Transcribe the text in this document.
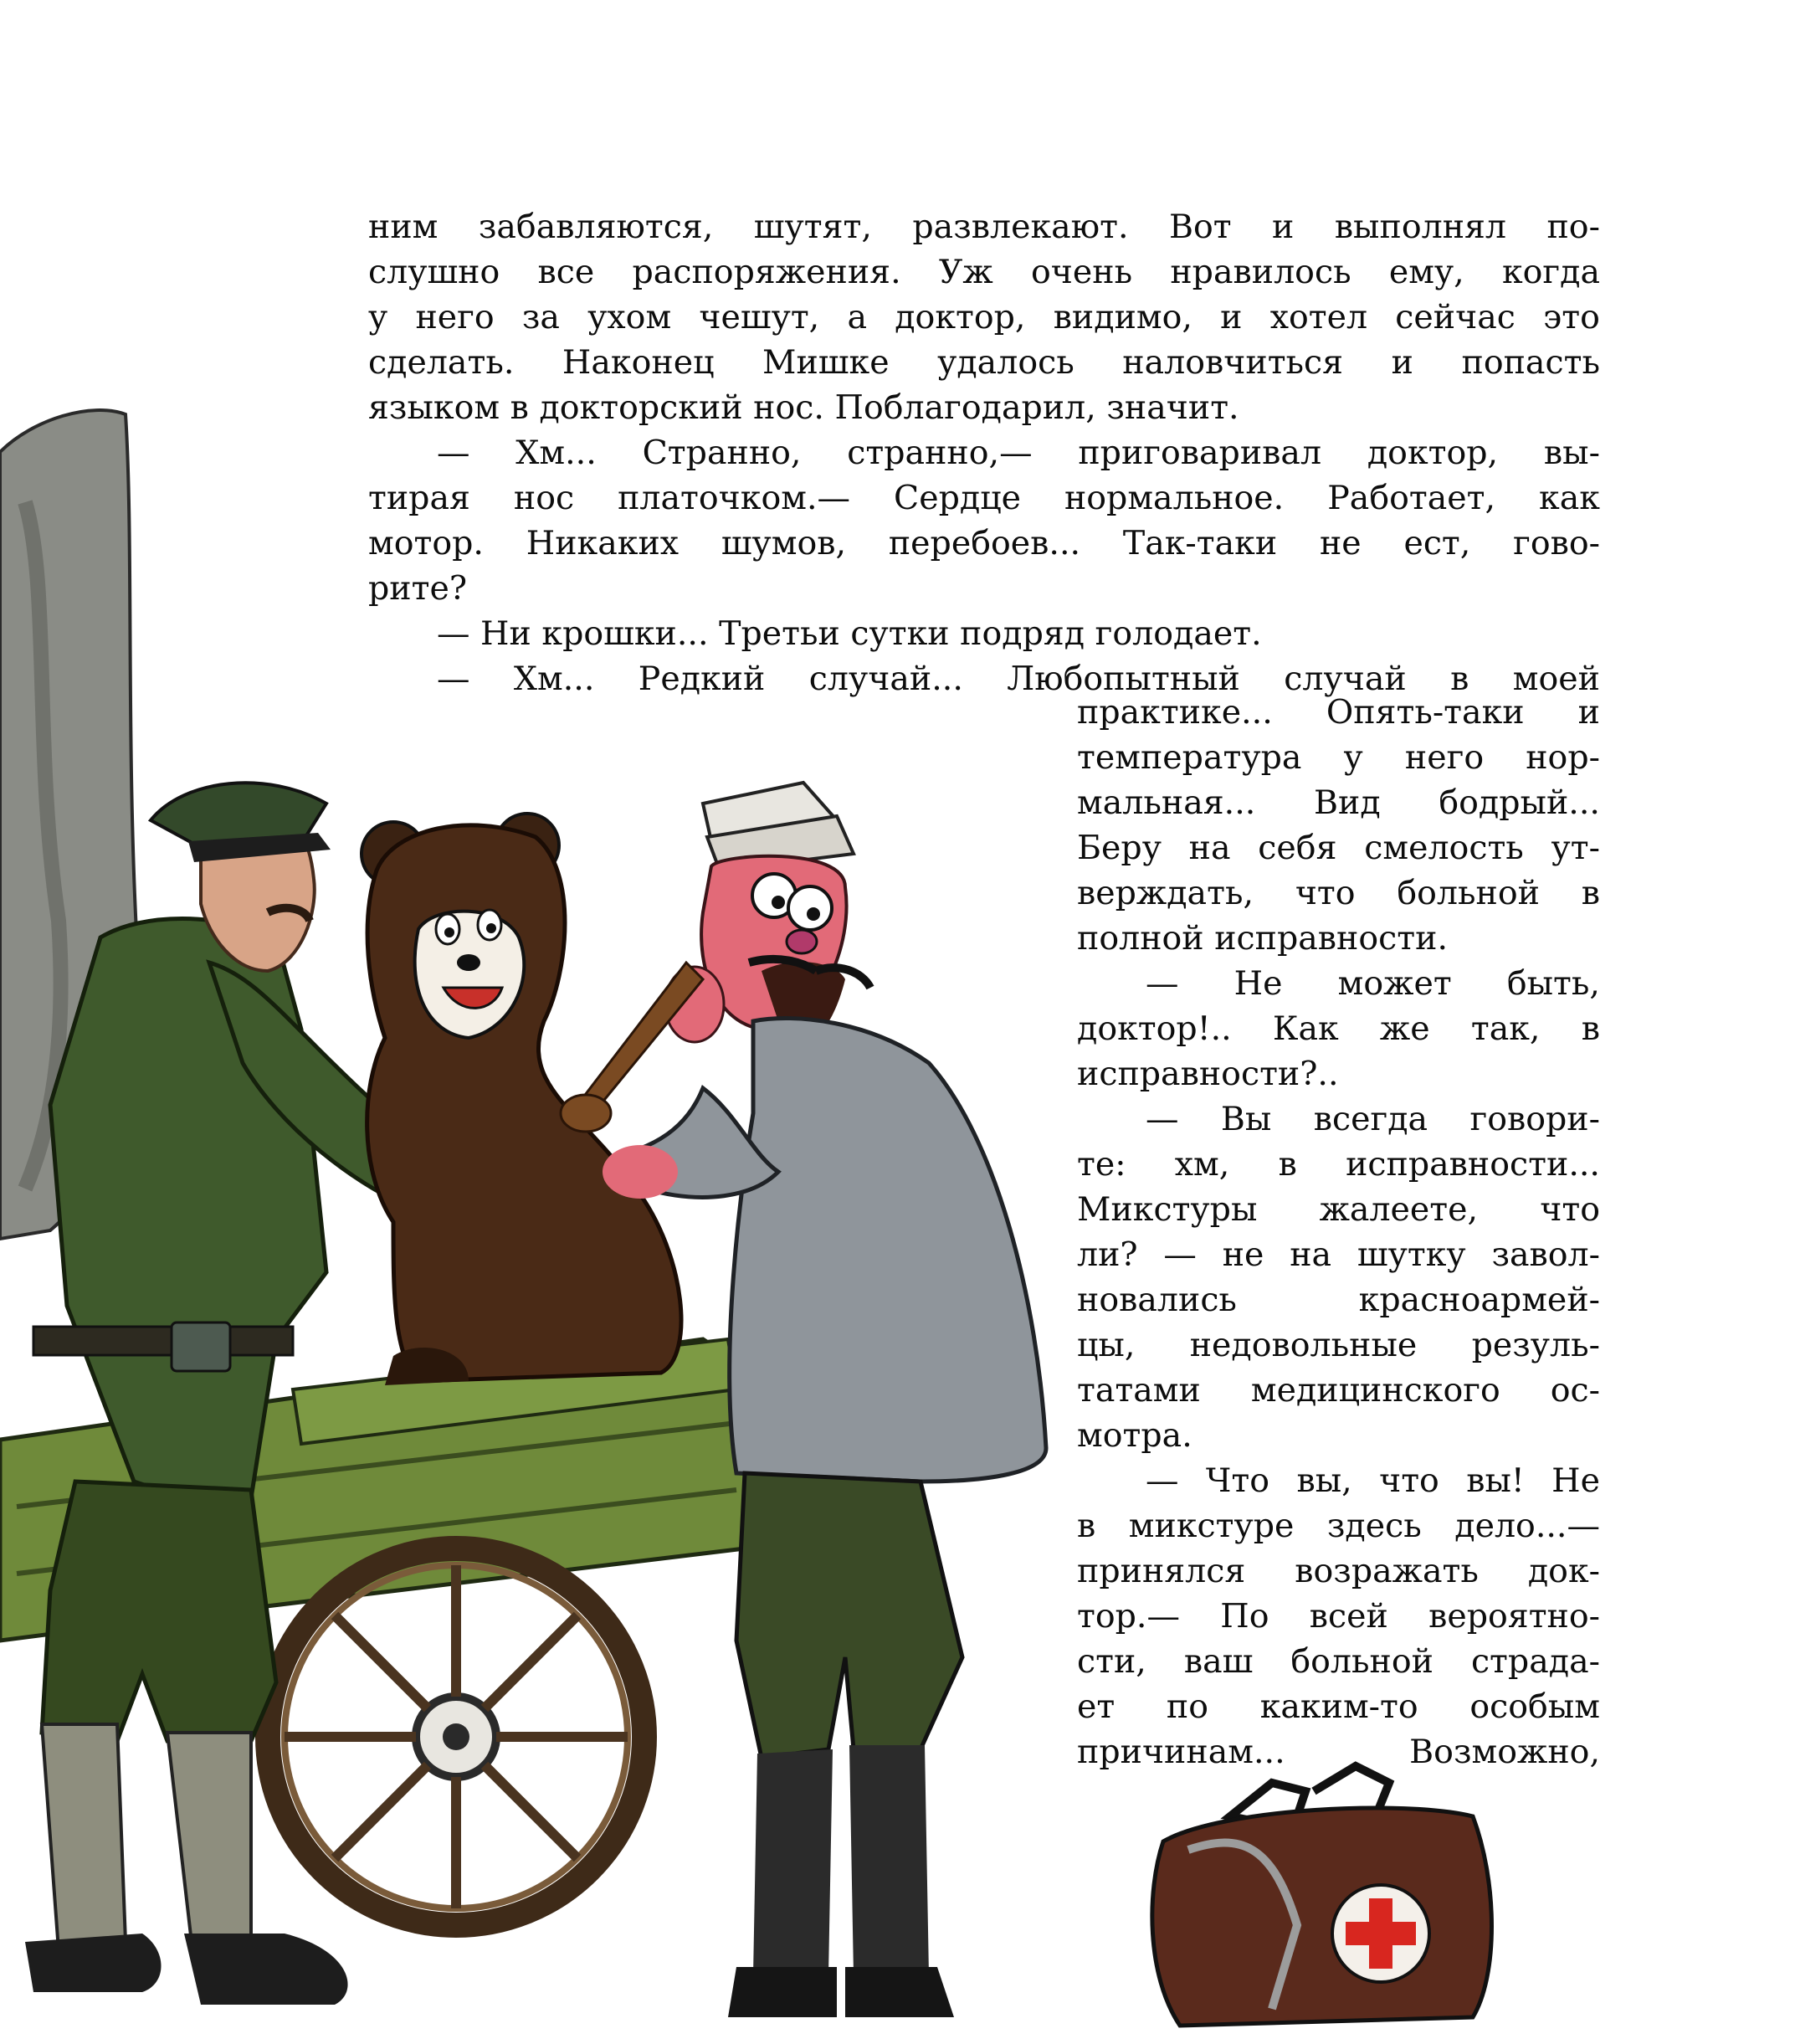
ним забавляются, шутят, развлекают. Вот и выполнял по-
слушно все распоряжения. Уж очень нравилось ему, когда
у него за ухом чешут, а доктор, видимо, и хотел сейчас это
сделать. Наконец Мишке удалось наловчиться и попасть
языком в докторский нос. Поблагодарил, значит.
— Хм... Странно, странно,— приговаривал доктор, вы-
тирая нос платочком.— Сердце нормальное. Работает, как
мотор. Никаких шумов, перебоев... Так-таки не ест, гово-
рите?
— Ни крошки... Третьи сутки подряд голодает.
— Хм... Редкий случай... Любопытный случай в моей
практике... Опять-таки и
температура у него нор-
мальная... Вид бодрый...
Беру на себя смелость ут-
верждать, что больной в
полной исправности.
— Не может быть,
доктор!.. Как же так, в
исправности?..
— Вы всегда говори-
те: хм, в исправности...
Микстуры жалеете, что
ли? — не на шутку завол-
новались	красноармей-
цы, недовольные резуль-
татами медицинского ос-
мотра.
— Что вы, что вы! Не
в микстуре здесь дело...—
принялся возражать док-
тор.— По всей вероятно-
сти, ваш больной страда-
ет по каким-то особым
причинам...	Возможно,
